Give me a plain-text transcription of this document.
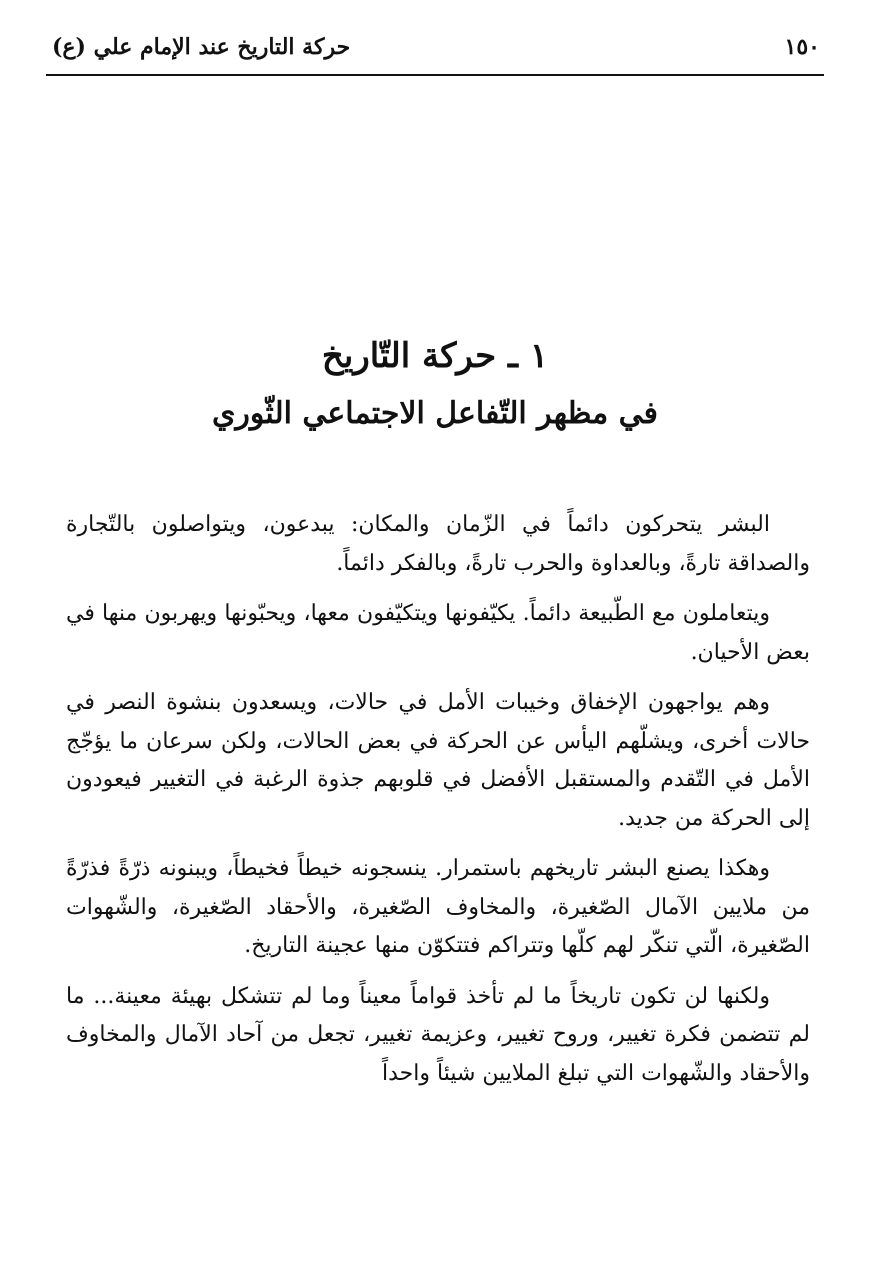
١٥٠
حركة التاريخ عند الإمام علي (ع)
١ ـ حركة التّاريخ
في مظهر التّفاعل الاجتماعي الثّوري

البشر يتحركون دائماً في الزّمان والمكان: يبدعون، ويتواصلون بالتّجارة والصداقة تارةً، وبالعداوة والحرب تارةً، وبالفكر دائماً.

ويتعاملون مع الطّبيعة دائماً. يكيّفونها ويتكيّفون معها، ويحبّونها ويهربون منها في بعض الأحيان.

وهم يواجهون الإخفاق وخيبات الأمل في حالات، ويسعدون بنشوة النصر في حالات أخرى، ويشلّهم اليأس عن الحركة في بعض الحالات، ولكن سرعان ما يؤجّج الأمل في التّقدم والمستقبل الأفضل في قلوبهم جذوة الرغبة في التغيير فيعودون إلى الحركة من جديد.

وهكذا يصنع البشر تاريخهم باستمرار. ينسجونه خيطاً فخيطاً، ويبنونه ذرّةً فذرّةً من ملايين الآمال الصّغيرة، والمخاوف الصّغيرة، والأحقاد الصّغيرة، والشّهوات الصّغيرة، الّتي تنكّر لهم كلّها وتتراكم فتتكوّن منها عجينة التاريخ.

ولكنها لن تكون تاريخاً ما لم تأخذ قواماً معيناً وما لم تتشكل بهيئة معينة... ما لم تتضمن فكرة تغيير، وروح تغيير، وعزيمة تغيير، تجعل من آحاد الآمال والمخاوف والأحقاد والشّهوات التي تبلغ الملايين شيئاً واحداً
